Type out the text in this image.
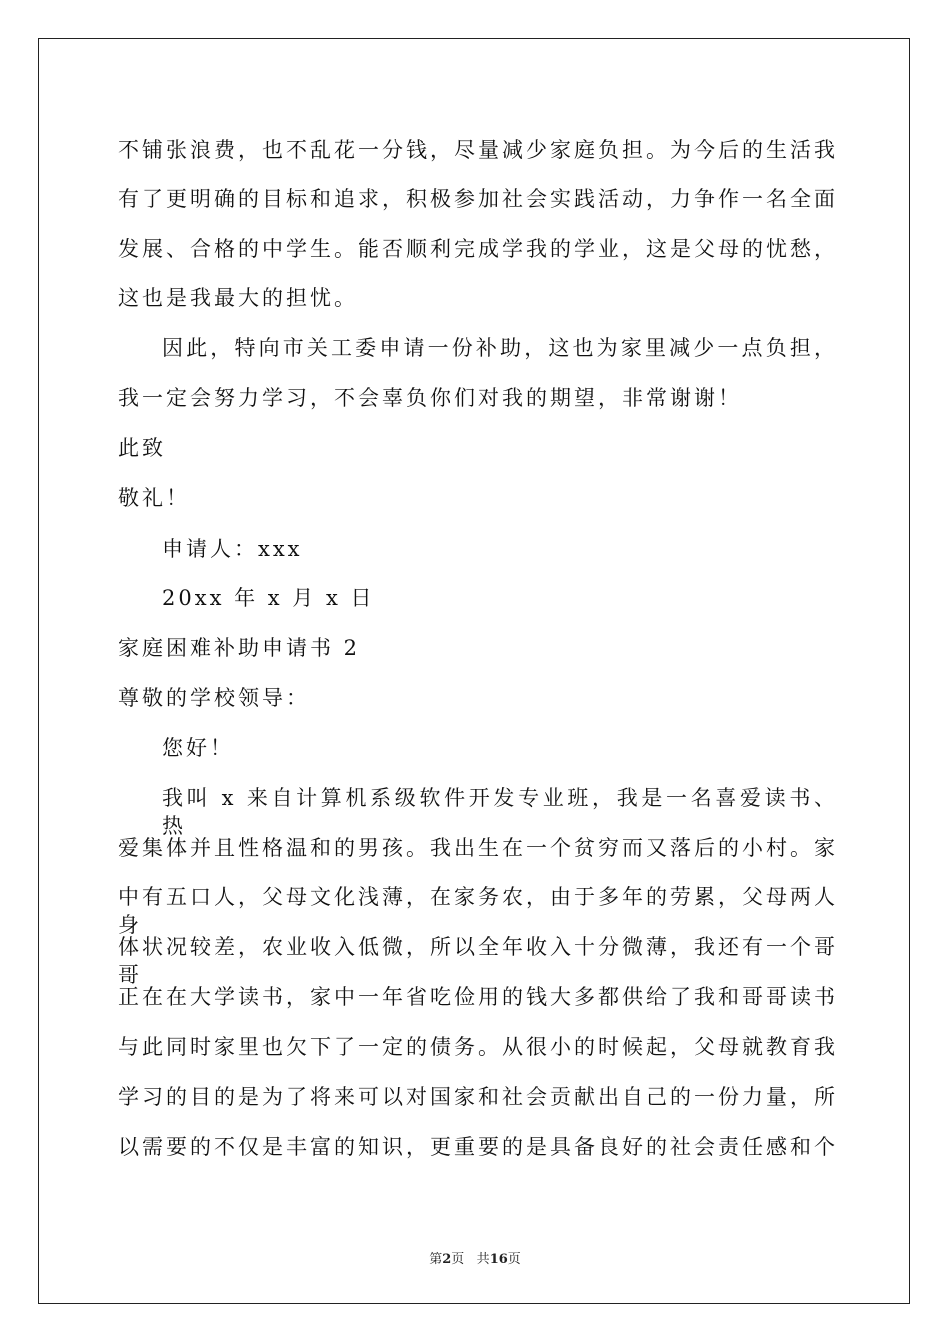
不铺张浪费，也不乱花一分钱，尽量减少家庭负担。为今后的生活我
有了更明确的目标和追求，积极参加社会实践活动，力争作一名全面
发展、合格的中学生。能否顺利完成学我的学业，这是父母的忧愁，
这也是我最大的担忧。
因此，特向市关工委申请一份补助，这也为家里减少一点负担，
我一定会努力学习，不会辜负你们对我的期望，非常谢谢！
此致
敬礼！
申请人：xxx
20xx 年 x 月 x 日
家庭困难补助申请书 2
尊敬的学校领导：
您好！
我叫 x 来自计算机系级软件开发专业班，我是一名喜爱读书、热
爱集体并且性格温和的男孩。我出生在一个贫穷而又落后的小村。家
中有五口人，父母文化浅薄，在家务农，由于多年的劳累，父母两人身
体状况较差，农业收入低微，所以全年收入十分微薄，我还有一个哥哥
正在在大学读书，家中一年省吃俭用的钱大多都供给了我和哥哥读书
与此同时家里也欠下了一定的债务。从很小的时候起，父母就教育我
学习的目的是为了将来可以对国家和社会贡献出自己的一份力量，所
以需要的不仅是丰富的知识，更重要的是具备良好的社会责任感和个
第2页 共16页
